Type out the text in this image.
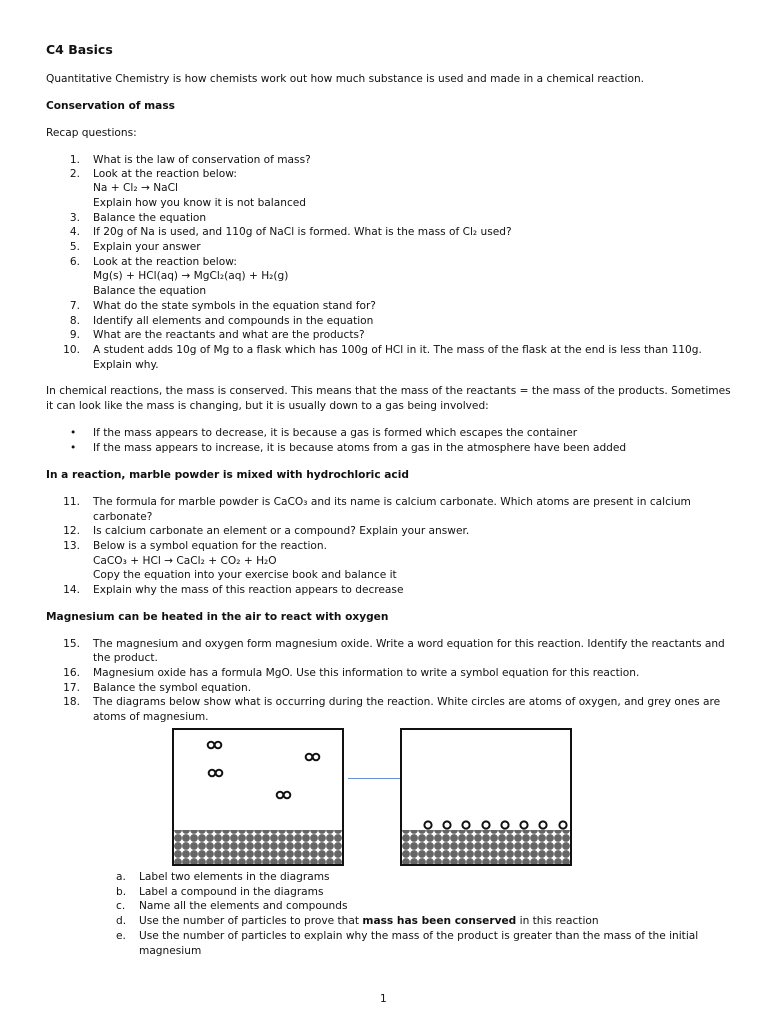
C4 Basics
Quantitative Chemistry is how chemists work out how much substance is used and made in a chemical reaction.
Conservation of mass
Recap questions:
1. What is the law of conservation of mass?
2. Look at the reaction below:
Na + Cl₂ → NaCl
Explain how you know it is not balanced
3. Balance the equation
4. If 20g of Na is used, and 110g of NaCl is formed. What is the mass of Cl₂ used?
5. Explain your answer
6. Look at the reaction below:
Mg(s) + HCl(aq) → MgCl₂(aq) + H₂(g)
Balance the equation
7. What do the state symbols in the equation stand for?
8. Identify all elements and compounds in the equation
9. What are the reactants and what are the products?
10. A student adds 10g of Mg to a flask which has 100g of HCl in it. The mass of the flask at the end is less than 110g.
Explain why.
In chemical reactions, the mass is conserved. This means that the mass of the reactants = the mass of the products. Sometimes
it can look like the mass is changing, but it is usually down to a gas being involved:
• If the mass appears to decrease, it is because a gas is formed which escapes the container
• If the mass appears to increase, it is because atoms from a gas in the atmosphere have been added
In a reaction, marble powder is mixed with hydrochloric acid
11. The formula for marble powder is CaCO₃ and its name is calcium carbonate. Which atoms are present in calcium
carbonate?
12. Is calcium carbonate an element or a compound? Explain your answer.
13. Below is a symbol equation for the reaction.
CaCO₃ + HCl → CaCl₂ + CO₂ + H₂O
Copy the equation into your exercise book and balance it
14. Explain why the mass of this reaction appears to decrease
Magnesium can be heated in the air to react with oxygen
15. The magnesium and oxygen form magnesium oxide. Write a word equation for this reaction. Identify the reactants and
the product.
16. Magnesium oxide has a formula MgO. Use this information to write a symbol equation for this reaction.
17. Balance the symbol equation.
18. The diagrams below show what is occurring during the reaction. White circles are atoms of oxygen, and grey ones are
atoms of magnesium.
a. Label two elements in the diagrams
b. Label a compound in the diagrams
c. Name all the elements and compounds
d. Use the number of particles to prove that mass has been conserved in this reaction
e. Use the number of particles to explain why the mass of the product is greater than the mass of the initial
magnesium
1
